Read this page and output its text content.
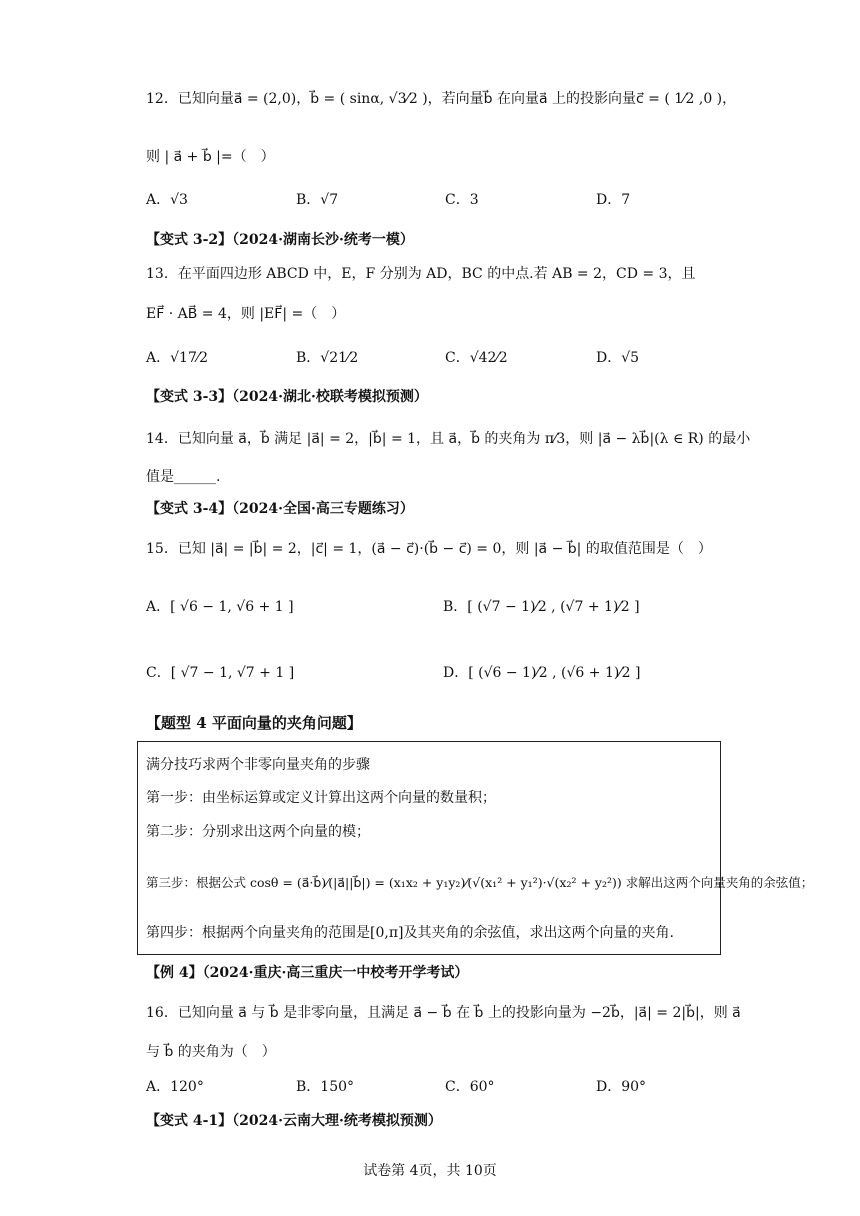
12．已知向量a⃗ = (2,0)，b⃗ = ( sinα, √3⁄2 )，若向量b⃗ 在向量a⃗ 上的投影向量c⃗ = ( 1⁄2 ,0 )，
则 | a⃗ + b⃗ |=（　）
A．√3	B．√7	C．3	D．7
【变式 3-2】（2024·湖南长沙·统考一模）
13．在平面四边形 ABCD 中，E，F 分别为 AD，BC 的中点.若 AB = 2，CD = 3，且
EF⃗ · AB⃗ = 4，则 |EF⃗| =（　）
A．√17⁄2	B．√21⁄2	C．√42⁄2	D．√5
【变式 3-3】（2024·湖北·校联考模拟预测）
14．已知向量 a⃗，b⃗ 满足 |a⃗| = 2，|b⃗| = 1，且 a⃗，b⃗ 的夹角为 π⁄3，则 |a⃗ − λb⃗|(λ ∈ R) 的最小
值是______.
【变式 3-4】（2024·全国·高三专题练习）
15．已知 |a⃗| = |b⃗| = 2，|c⃗| = 1，(a⃗ − c⃗)·(b⃗ − c⃗) = 0，则 |a⃗ − b⃗| 的取值范围是（　）
A．[ √6 − 1, √6 + 1 ]	B．[ (√7 − 1)⁄2 , (√7 + 1)⁄2 ]
C．[ √7 − 1, √7 + 1 ]	D．[ (√6 − 1)⁄2 , (√6 + 1)⁄2 ]
【题型 4 平面向量的夹角问题】
满分技巧求两个非零向量夹角的步骤
第一步：由坐标运算或定义计算出这两个向量的数量积；
第二步：分别求出这两个向量的模；
第三步：根据公式 cosθ = (a⃗·b⃗)⁄(|a⃗||b⃗|) = (x₁x₂ + y₁y₂)⁄(√(x₁² + y₁²)·√(x₂² + y₂²)) 求解出这两个向量夹角的余弦值；
第四步：根据两个向量夹角的范围是[0,π]及其夹角的余弦值，求出这两个向量的夹角.
【例 4】（2024·重庆·高三重庆一中校考开学考试）
16．已知向量 a⃗ 与 b⃗ 是非零向量，且满足 a⃗ − b⃗ 在 b⃗ 上的投影向量为 −2b⃗，|a⃗| = 2|b⃗|，则 a⃗
与 b⃗ 的夹角为（　）
A．120°	B．150°	C．60°	D．90°
【变式 4-1】（2024·云南大理·统考模拟预测）
试卷第 4页，共 10页
